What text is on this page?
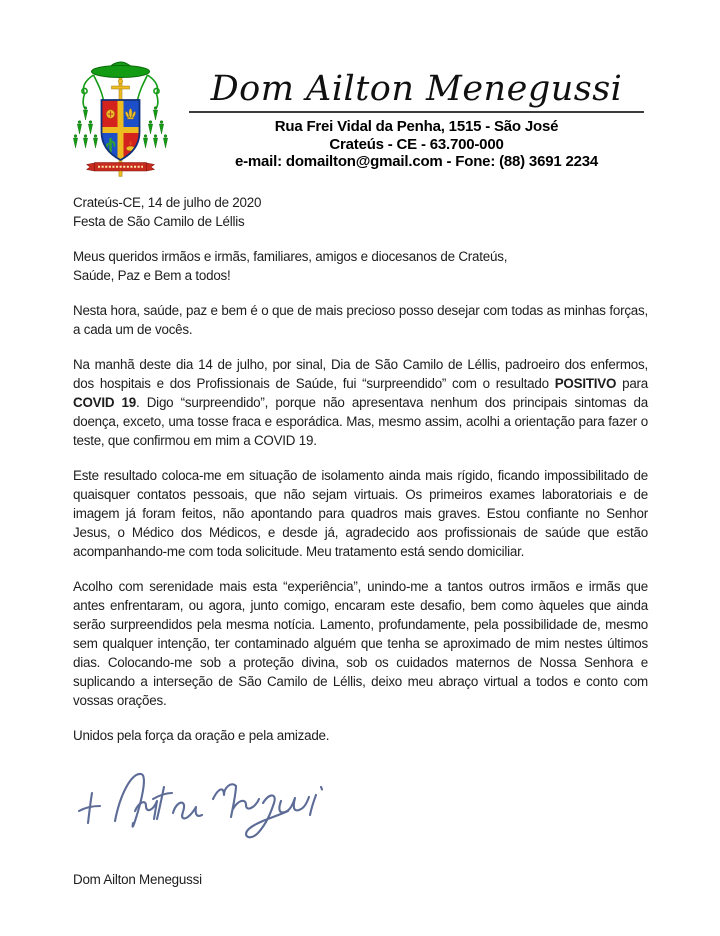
Dom Ailton Menegussi
Rua Frei Vidal da Penha, 1515 - São José
Crateús - CE - 63.700-000
e-mail: domailton@gmail.com - Fone: (88) 3691 2234

Crateús-CE, 14 de julho de 2020
Festa de São Camilo de Léllis

Meus queridos irmãos e irmãs, familiares, amigos e diocesanos de Crateús,
Saúde, Paz e Bem a todos!

Nesta hora, saúde, paz e bem é o que de mais precioso posso desejar com todas as minhas forças, a cada um de vocês.

Na manhã deste dia 14 de julho, por sinal, Dia de São Camilo de Léllis, padroeiro dos enfermos, dos hospitais e dos Profissionais de Saúde, fui “surpreendido” com o resultado POSITIVO para COVID 19. Digo “surpreendido”, porque não apresentava nenhum dos principais sintomas da doença, exceto, uma tosse fraca e esporádica. Mas, mesmo assim, acolhi a orientação para fazer o teste, que confirmou em mim a COVID 19.

Este resultado coloca-me em situação de isolamento ainda mais rígido, ficando impossibilitado de quaisquer contatos pessoais, que não sejam virtuais. Os primeiros exames laboratoriais e de imagem já foram feitos, não apontando para quadros mais graves. Estou confiante no Senhor Jesus, o Médico dos Médicos, e desde já, agradecido aos profissionais de saúde que estão acompanhando-me com toda solicitude. Meu tratamento está sendo domiciliar.

Acolho com serenidade mais esta “experiência”, unindo-me a tantos outros irmãos e irmãs que antes enfrentaram, ou agora, junto comigo, encaram este desafio, bem como àqueles que ainda serão surpreendidos pela mesma notícia. Lamento, profundamente, pela possibilidade de, mesmo sem qualquer intenção, ter contaminado alguém que tenha se aproximado de mim nestes últimos dias. Colocando-me sob a proteção divina, sob os cuidados maternos de Nossa Senhora e suplicando a interseção de São Camilo de Léllis, deixo meu abraço virtual a todos e conto com vossas orações.

Unidos pela força da oração e pela amizade.

Dom Ailton Menegussi
